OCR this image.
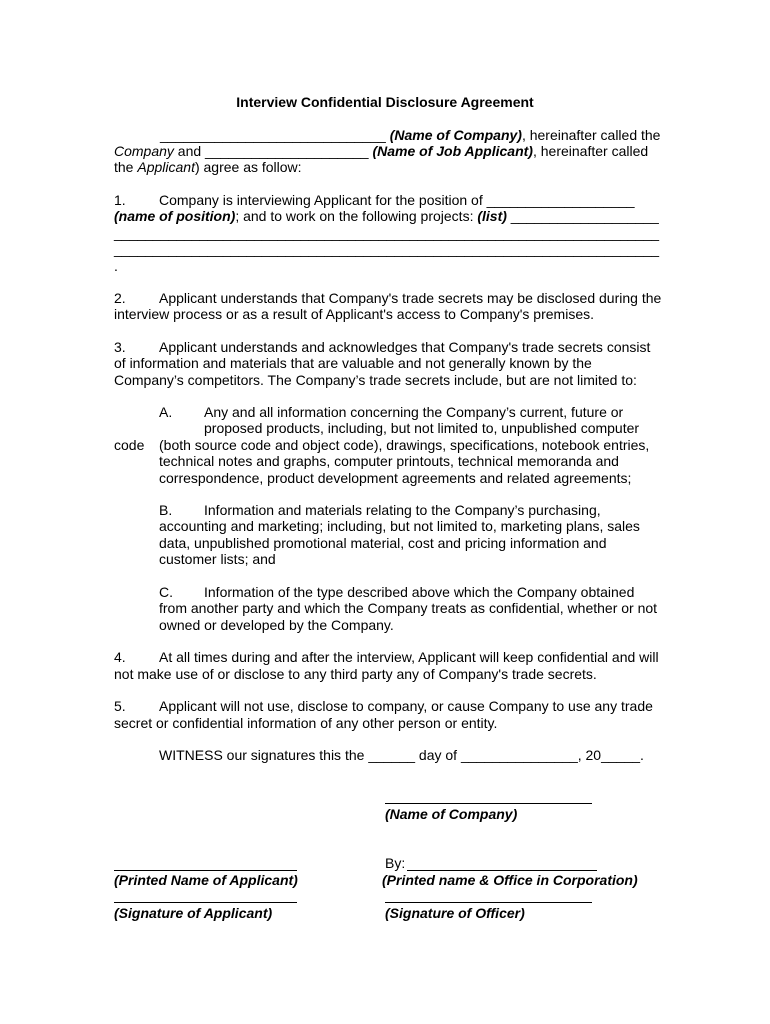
Interview Confidential Disclosure Agreement
_____________________________ (Name of Company), hereinafter called the
Company and _____________________ (Name of Job Applicant), hereinafter called
the Applicant) agree as follow:
1. Company is interviewing Applicant for the position of ___________________
(name of position); and to work on the following projects: (list) ___________________
______________________________________________________________________
______________________________________________________________________
.
2. Applicant understands that Company's trade secrets may be disclosed during the
interview process or as a result of Applicant's access to Company's premises.
3. Applicant understands and acknowledges that Company's trade secrets consist
of information and materials that are valuable and not generally known by the
Company’s competitors. The Company’s trade secrets include, but are not limited to:
A. Any and all information concerning the Company’s current, future or
proposed products, including, but not limited to, unpublished computer
code (both source code and object code), drawings, specifications, notebook entries,
technical notes and graphs, computer printouts, technical memoranda and
correspondence, product development agreements and related agreements;
B. Information and materials relating to the Company’s purchasing,
accounting and marketing; including, but not limited to, marketing plans, sales
data, unpublished promotional material, cost and pricing information and
customer lists; and
C. Information of the type described above which the Company obtained
from another party and which the Company treats as confidential, whether or not
owned or developed by the Company.
4. At all times during and after the interview, Applicant will keep confidential and will
not make use of or disclose to any third party any of Company's trade secrets.
5. Applicant will not use, disclose to company, or cause Company to use any trade
secret or confidential information of any other person or entity.
WITNESS our signatures this the ______ day of _______________, 20_____.
(Name of Company)
By:
(Printed Name of Applicant)	(Printed name & Office in Corporation)
(Signature of Applicant)	(Signature of Officer)
